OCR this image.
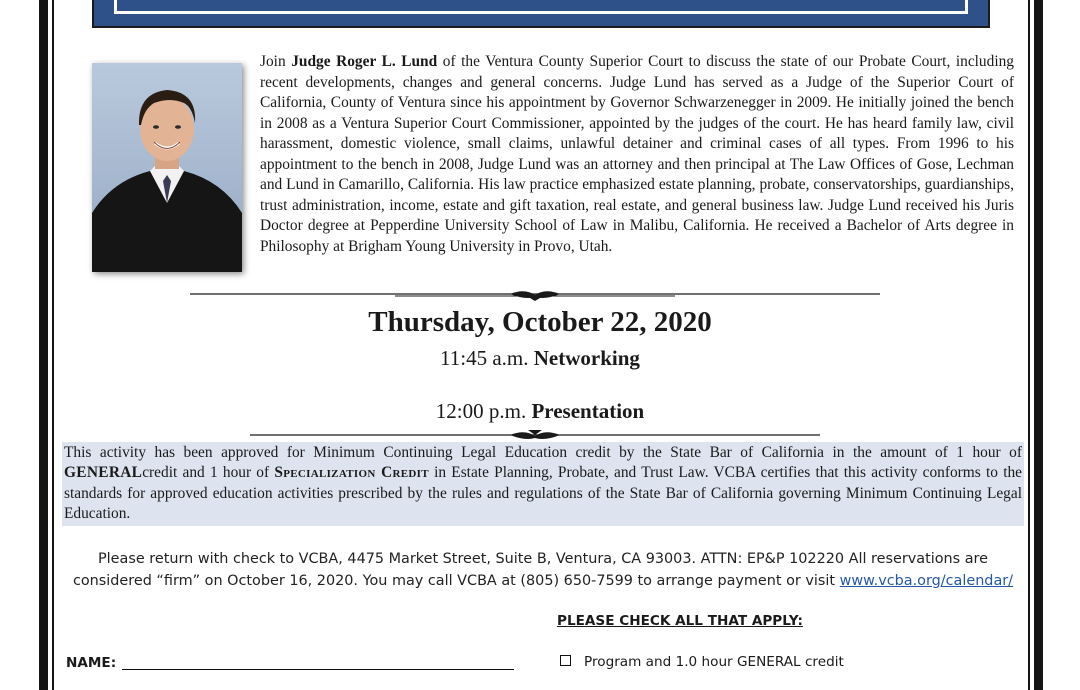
Join Judge Roger L. Lund of the Ventura County Superior Court to discuss the state of our Probate Court, including recent developments, changes and general concerns. Judge Lund has served as a Judge of the Superior Court of California, County of Ventura since his appointment by Governor Schwarzenegger in 2009. He initially joined the bench in 2008 as a Ventura Superior Court Commissioner, appointed by the judges of the court. He has heard family law, civil harassment, domestic violence, small claims, unlawful detainer and criminal cases of all types. From 1996 to his appointment to the bench in 2008, Judge Lund was an attorney and then principal at The Law Offices of Gose, Lechman and Lund in Camarillo, California. His law practice emphasized estate planning, probate, conservatorships, guardianships, trust administration, income, estate and gift taxation, real estate, and general business law. Judge Lund received his Juris Doctor degree at Pepperdine University School of Law in Malibu, California. He received a Bachelor of Arts degree in Philosophy at Brigham Young University in Provo, Utah.

Thursday, October 22, 2020
11:45 a.m. Networking
12:00 p.m. Presentation
This activity has been approved for Minimum Continuing Legal Education credit by the State Bar of California in the amount of 1 hour of GENERALcredit and 1 hour of Specialization Credit in Estate Planning, Probate, and Trust Law. VCBA certifies that this activity conforms to the standards for approved education activities prescribed by the rules and regulations of the State Bar of California governing Minimum Continuing Legal Education.
Please return with check to VCBA, 4475 Market Street, Suite B, Ventura, CA 93003. ATTN: EP&P 102220 All reservations are considered “firm” on October 16, 2020. You may call VCBA at (805) 650-7599 to arrange payment or visit www.vcba.org/calendar/
PLEASE CHECK ALL THAT APPLY:
NAME:	Program and 1.0 hour GENERAL credit
